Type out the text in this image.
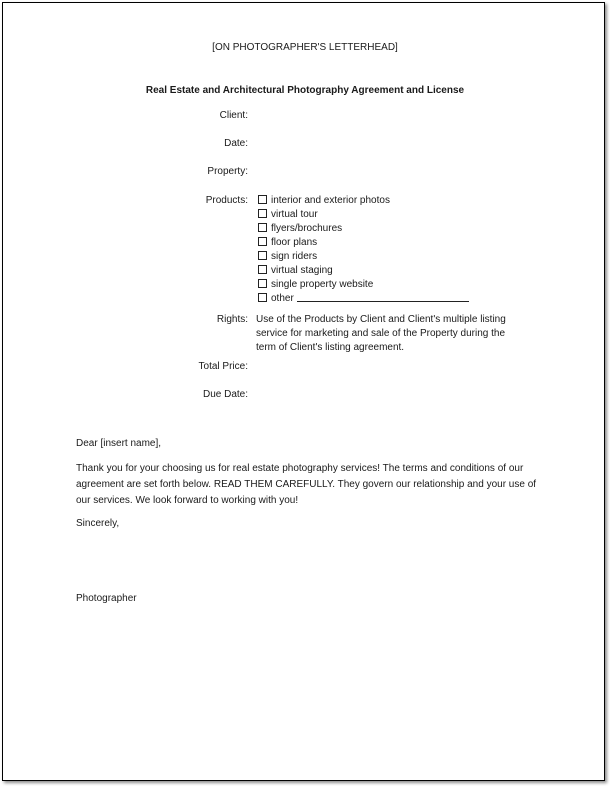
[ON PHOTOGRAPHER'S LETTERHEAD]
Real Estate and Architectural Photography Agreement and License
Client:
Date:
Property:
Products:	interior and exterior photos
virtual tour
flyers/brochures
floor plans
sign riders
virtual staging
single property website
other
Rights: Use of the Products by Client and Client's multiple listing service for marketing and sale of the Property during the term of Client's listing agreement.
Total Price:
Due Date:
Dear [insert name],
Thank you for your choosing us for real estate photography services! The terms and conditions of our agreement are set forth below. READ THEM CAREFULLY. They govern our relationship and your use of our services. We look forward to working with you!
Sincerely,
Photographer
